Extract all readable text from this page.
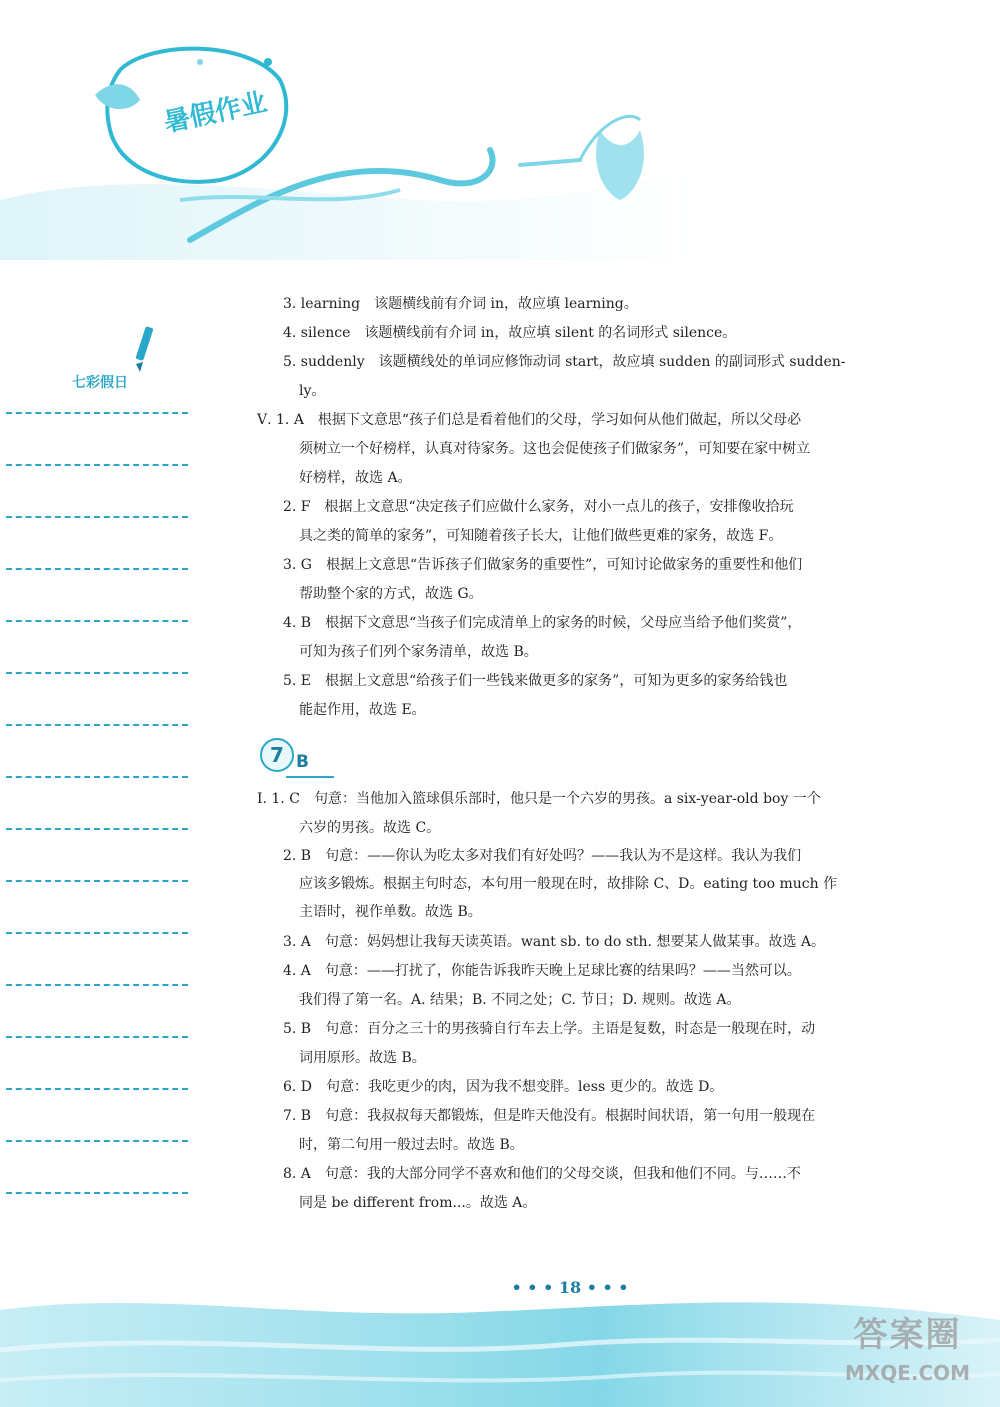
暑假作业
七彩假日
3. learning　该题横线前有介词 in，故应填 learning。
4. silence　该题横线前有介词 in，故应填 silent 的名词形式 silence。
5. suddenly　该题横线处的单词应修饰动词 start，故应填 sudden 的副词形式 sudden-
ly。
Ⅴ. 1. A　根据下文意思“孩子们总是看着他们的父母，学习如何从他们做起，所以父母必
须树立一个好榜样，认真对待家务。这也会促使孩子们做家务”，可知要在家中树立
好榜样，故选 A。
2. F　根据上文意思“决定孩子们应做什么家务，对小一点儿的孩子，安排像收拾玩
具之类的简单的家务”，可知随着孩子长大，让他们做些更难的家务，故选 F。
3. G　根据上文意思“告诉孩子们做家务的重要性”，可知讨论做家务的重要性和他们
帮助整个家的方式，故选 G。
4. B　根据下文意思“当孩子们完成清单上的家务的时候，父母应当给予他们奖赏”，
可知为孩子们列个家务清单，故选 B。
5. E　根据上文意思“给孩子们一些钱来做更多的家务”，可知为更多的家务给钱也
能起作用，故选 E。
7 B
Ⅰ. 1. C　句意：当他加入篮球俱乐部时，他只是一个六岁的男孩。a six-year-old boy 一个
六岁的男孩。故选 C。
2. B　句意：——你认为吃太多对我们有好处吗？——我认为不是这样。我认为我们
应该多锻炼。根据主句时态，本句用一般现在时，故排除 C、D。eating too much 作
主语时，视作单数。故选 B。
3. A　句意：妈妈想让我每天读英语。want sb. to do sth. 想要某人做某事。故选 A。
4. A　句意：——打扰了，你能告诉我昨天晚上足球比赛的结果吗？——当然可以。
我们得了第一名。A. 结果；B. 不同之处；C. 节日；D. 规则。故选 A。
5. B　句意：百分之三十的男孩骑自行车去上学。主语是复数，时态是一般现在时，动
词用原形。故选 B。
6. D　句意：我吃更少的肉，因为我不想变胖。less 更少的。故选 D。
7. B　句意：我叔叔每天都锻炼，但是昨天他没有。根据时间状语，第一句用一般现在
时，第二句用一般过去时。故选 B。
8. A　句意：我的大部分同学不喜欢和他们的父母交谈，但我和他们不同。与……不
同是 be different from...。故选 A。
• • • 18 • • •
答案圈
MXQE.COM
